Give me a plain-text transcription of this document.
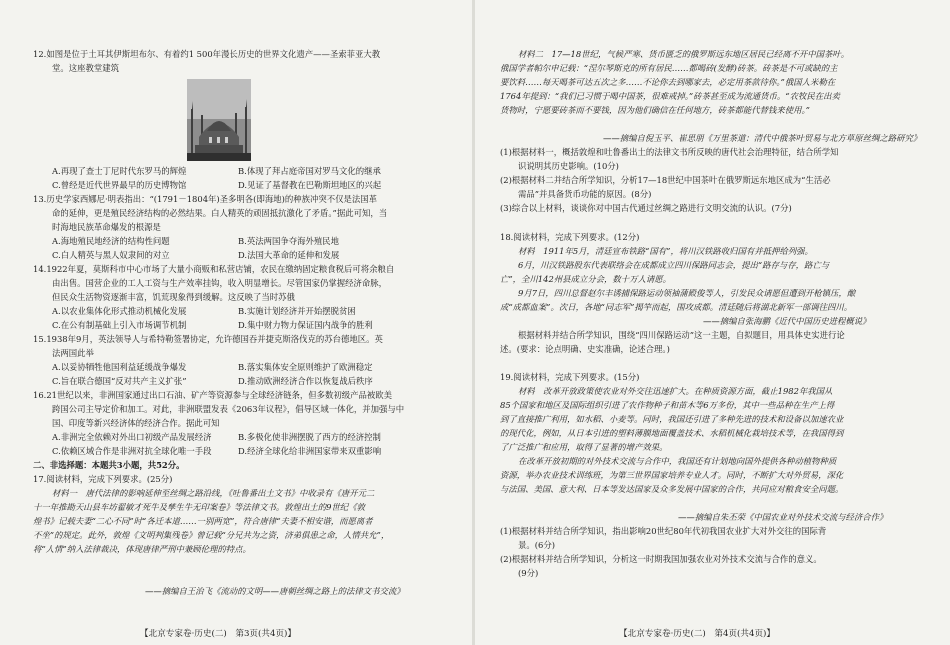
12.如图是位于土耳其伊斯坦布尔、有着约1 500年漫长历史的世界文化遗产——圣索菲亚大教
堂。这座教堂建筑
A.再现了查士丁尼时代东罗马的辉煌	B.体现了拜占庭帝国对罗马文化的继承
C.曾经是近代世界最早的历史博物馆	D.见证了基督教在巴勒斯坦地区的兴起
13.历史学家西娜尼·明表指出：“(1791－1804年)圣多明各(即海地)的种族冲突不仅是法国革
命的延伸，更是殖民经济结构的必然结果。白人精英的顽固抵抗激化了矛盾。”据此可知，当
时海地民族革命爆发的根源是
A.海地殖民地经济的结构性问题	B.英法两国争夺海外殖民地
C.白人精英与黑人奴隶间的对立	D.法国大革命的延伸和发展
14.1922年夏，莫斯科市中心市场了大量小商贩和私营店铺，农民在缴纳固定粮食税后可将余粮自
由出售。国营企业的工人工资与生产效率挂钩，收入明显增长。尽管国家仍掌握经济命脉，
但民众生活物资逐渐丰富，饥荒现象得到缓解。这反映了当时苏俄
A.以农业集体化形式推动机械化发展	B.实施计划经济并开始摆脱贫困
C.在公有制基础上引入市场调节机制	D.集中财力物力保证国内战争的胜利
15.1938年9月，英法领导人与希特勒签署协定，允许德国吞并捷克斯洛伐克的苏台德地区。英
法两国此举
A.以妥协牺牲他国利益延缓战争爆发	B.落实集体安全原则维护了欧洲稳定
C.旨在联合德国“反对共产主义扩张”	D.推动欧洲经济合作以恢复战后秩序
16.21世纪以来，非洲国家通过出口石油、矿产等资源参与全球经济链条，但多数初级产品被欧美
跨国公司主导定价和加工。对此，非洲联盟发表《2063年议程》，倡导区域一体化，并加强与中
国、印度等新兴经济体的经济合作。据此可知
A.非洲完全依赖对外出口初级产品发展经济	B.多极化使非洲摆脱了西方的经济控制
C.依赖区域合作是非洲对抗全球化唯一手段	D.经济全球化给非洲国家带来双重影响
二、非选择题：本题共3小题，共52分。
17.阅读材料，完成下列要求。(25分)
材料一　唐代法律的影响延伸至丝绸之路沿线，《吐鲁番出土文书》中收录有《唐开元二
十一年推勘天山县车坊翟敏才死牛及孳生牛无印案卷》等法律文书。敦煌出土的9世纪《敦
煌书》记载夫妻“二心不同”时“各迁本道……一别两宽”，符合唐律“夫妻不相安谐，而愿离者
不坐”的规定。此外，敦煌《文明判集残卷》曾记载“分兄共为之资，济弟俱患之命，人情共允”，
将“人情”纳入法律裁决，体现唐律严刑中兼顾伦理的特点。
——摘编自王治飞《流动的文明——唐朝丝绸之路上的法律文书交流》
【北京专家卷·历史(二)　第3页(共4页)】
材料二　17—18世纪，气候严寒、货币匮乏的俄罗斯远东地区居民已经离不开中国茶叶。
俄国学者帕尔申记载：“涅尔琴斯克的所有居民……都喝砖(发酵)砖茶。砖茶是不可或缺的主
要饮料……每天喝茶可达五次之多……不论你去到哪家去，必定用茶款待你。”俄国人米勒在
1764年提到：“我们已习惯于喝中国茶，很难戒掉。”砖茶甚至成为流通货币。“农牧民在出卖
货物时，宁愿要砖茶而不要钱，因为他们确信在任何地方，砖茶都能代替钱来使用。”
——摘编自倪玉平、崔思朋《万里茶道：清代中俄茶叶贸易与北方草原丝绸之路研究》
(1)根据材料一，概括敦煌和吐鲁番出土的法律文书所反映的唐代社会治理特征，结合所学知
识说明其历史影响。(10分)
(2)根据材料二并结合所学知识，分析17—18世纪中国茶叶在俄罗斯远东地区成为“生活必
需品”并具备货币功能的原因。(8分)
(3)综合以上材料，谈谈你对中国古代通过丝绸之路进行文明交流的认识。(7分)
18.阅读材料，完成下列要求。(12分)
材料　1911年5月，清廷宣布铁路“国有”，将川汉铁路收归国有并抵押给列强。
6月，川汉铁路股东代表联络会在成都成立四川保路同志会，提出“路存与存，路亡与
亡”，全川142州县成立分会，数十万人请愿。
9月7日，四川总督赵尔丰诱捕保路运动领袖蒲殿俊等人，引发民众请愿但遭到开枪镇压，酿
成“成都血案”。次日，各地“同志军”揭竿而起，围攻成都。清廷随后将湖北新军一部调往四川。
——摘编自张海鹏《近代中国历史进程概说》
根据材料并结合所学知识，围绕“四川保路运动”这一主题，自拟题目，用具体史实进行论
述。(要求：论点明确、史实准确，论述合理。)
19.阅读材料，完成下列要求。(15分)
材料　改革开放政策使农业对外交往迅速扩大。在种质资源方面，截止1982年我国从
85个国家和地区及国际组织引进了农作物种子和苗木等6万多份，其中一些品种在生产上得
到了直接推广利用，如水稻、小麦等。同时，我国还引进了多种先进的技术和设备以加速农业
的现代化，例如，从日本引进的塑料薄膜地面覆盖技术、水稻机械化栽培技术等，在我国得到
了广泛推广和应用，取得了显著的增产效果。
在改革开放初期的对外技术交流与合作中，我国还有计划地向国外提供各种动植物种质
资源，举办农业技术训练班，为第三世界国家培养专业人才。同时，不断扩大对外贸易，深化
与法国、美国、意大利、日本等发达国家及众多发展中国家的合作，共同应对粮食安全问题。
——摘编自朱丕荣《中国农业对外技术交流与经济合作》
(1)根据材料并结合所学知识，指出影响20世纪80年代初我国农业扩大对外交往的国际背
景。(6分)
(2)根据材料并结合所学知识，分析这一时期我国加强农业对外技术交流与合作的意义。
(9分)
【北京专家卷·历史(二)　第4页(共4页)】
